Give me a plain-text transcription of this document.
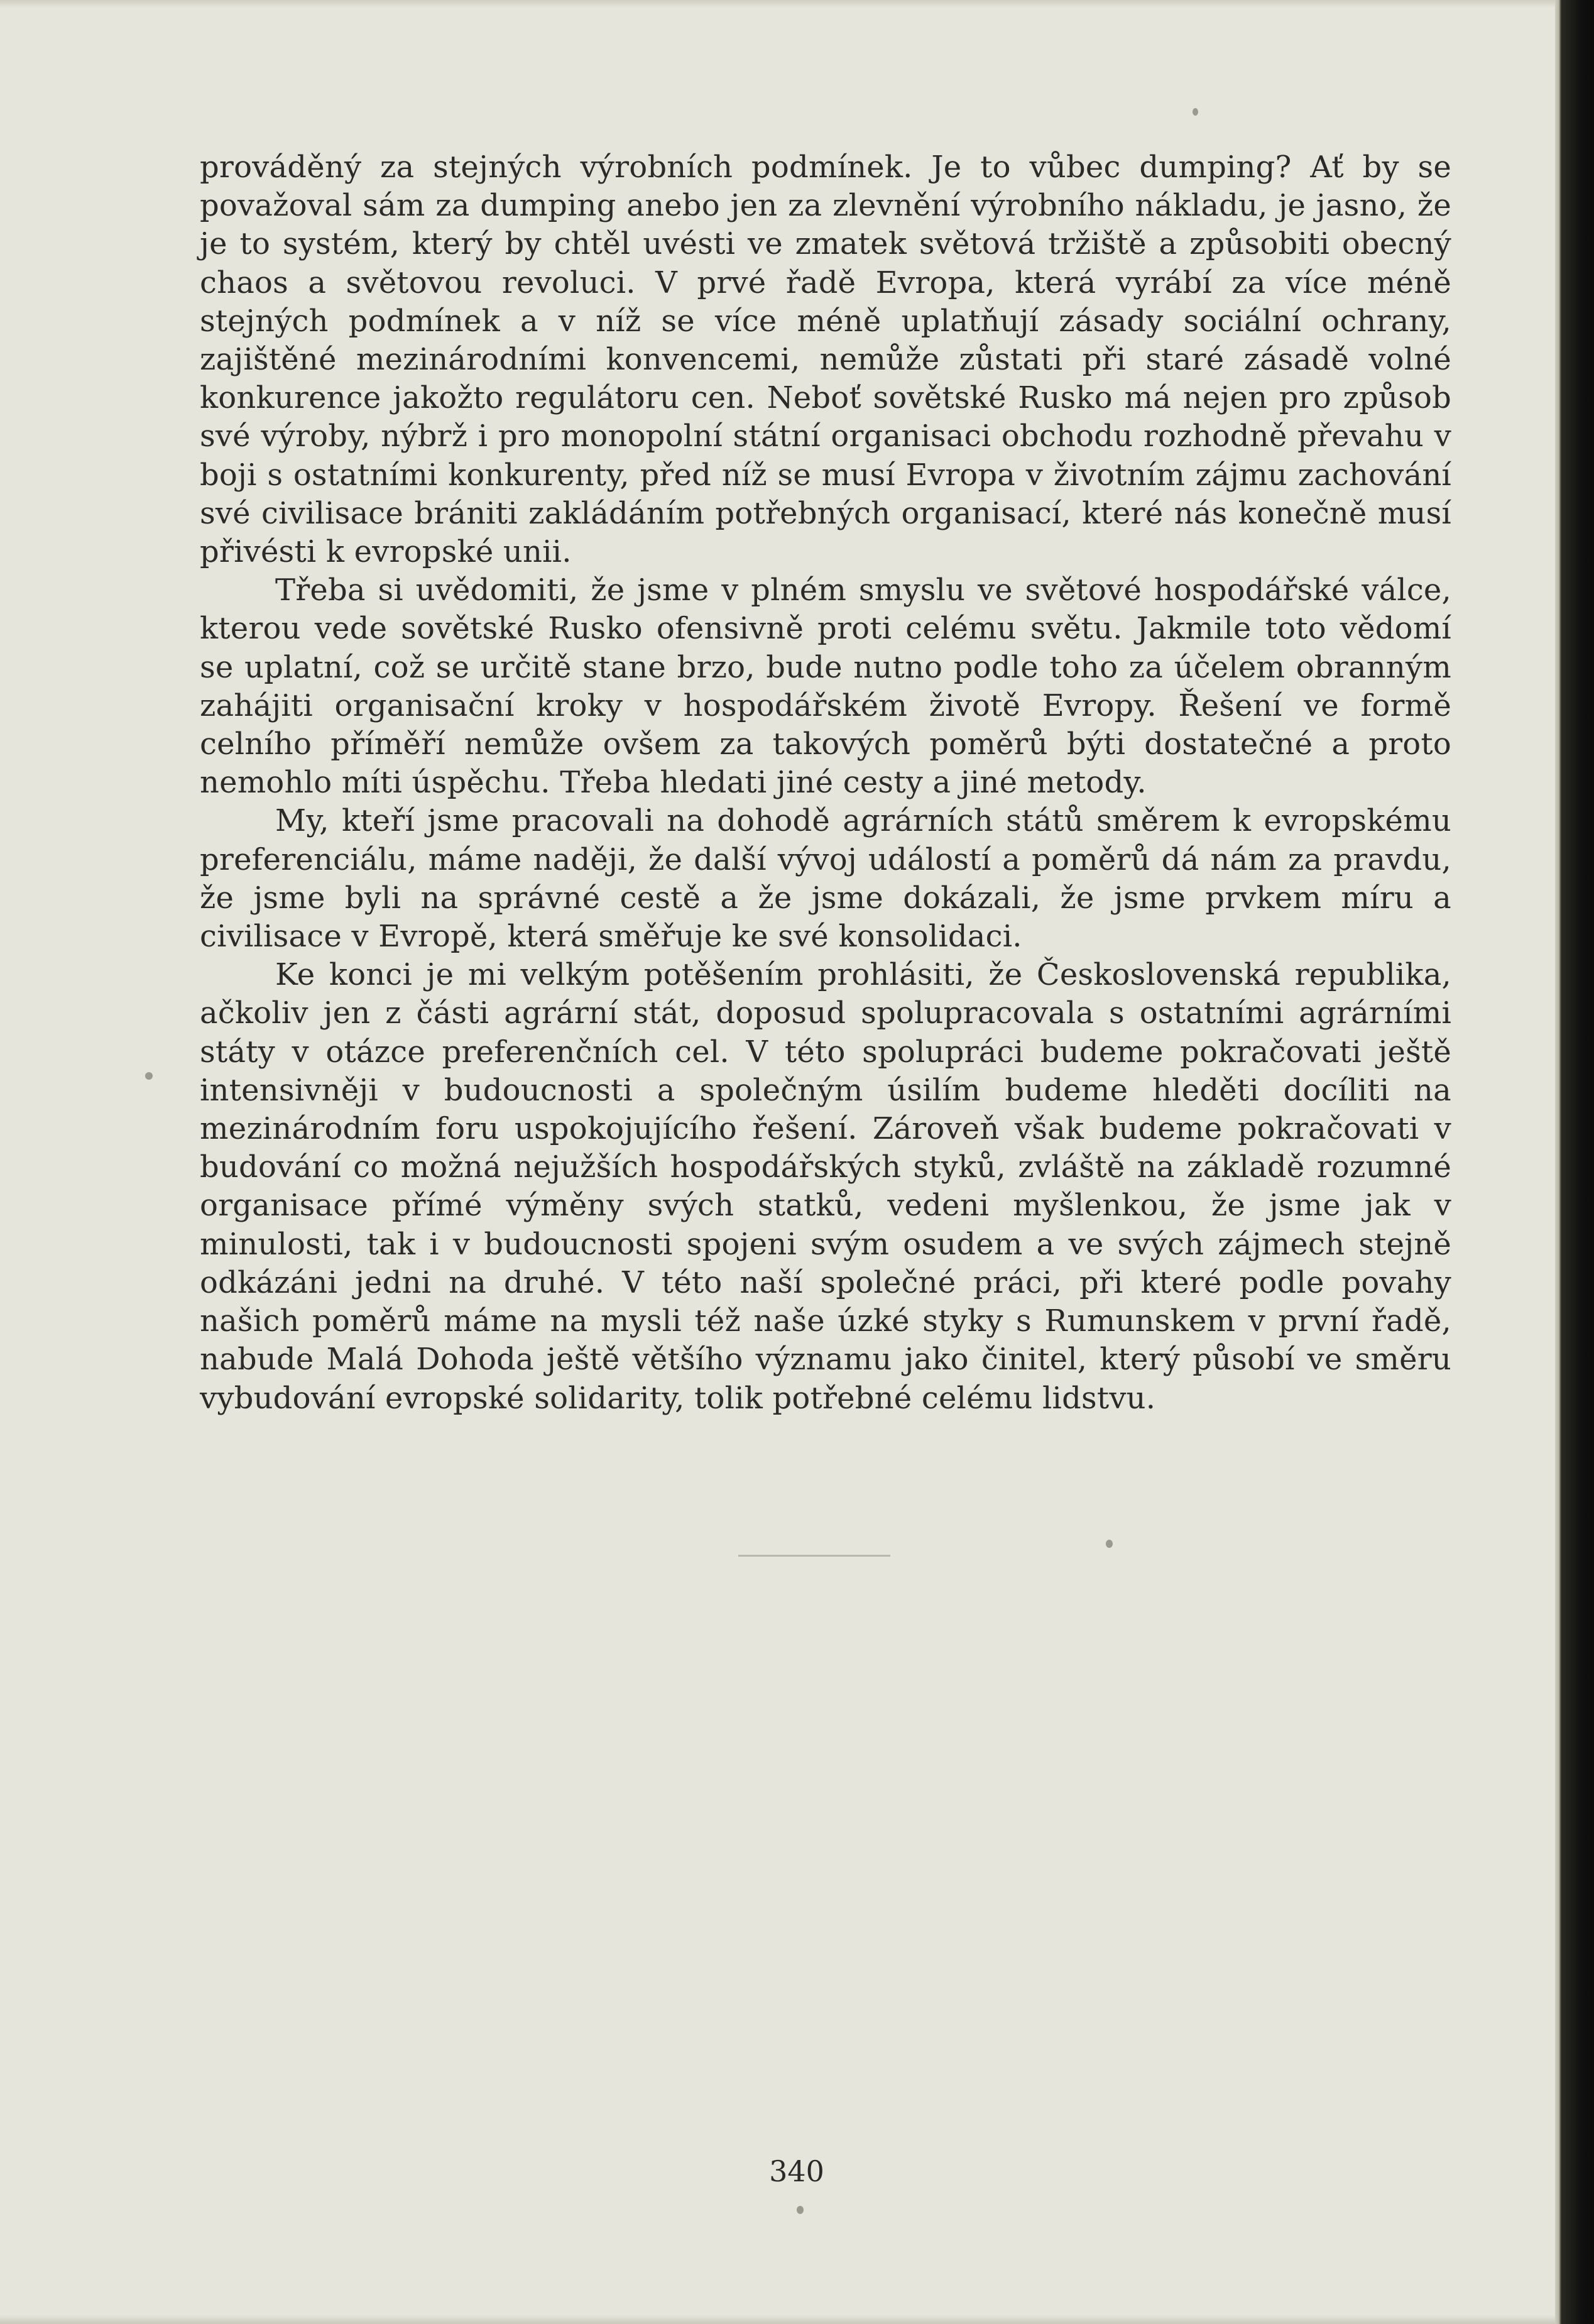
prováděný za stejných výrobních podmínek. Je to vůbec dumping? Ať by se považoval sám za dumping anebo jen za zlevnění výrobního nákladu, je jasno, že je to systém, který by chtěl uvésti ve zmatek světová tržiště a způsobiti obecný chaos a světovou revoluci. V prvé řadě Evropa, která vyrábí za více méně stejných podmínek a v níž se více méně uplatňují zásady sociální ochrany, zajištěné mezinárodními konvencemi, nemůže zůstati při staré zásadě volné konkurence jakožto regulátoru cen. Neboť sovětské Rusko má nejen pro způsob své výroby, nýbrž i pro monopolní státní organisaci obchodu rozhodně převahu v boji s ostatními konkurenty, před níž se musí Evropa v životním zájmu zachování své civilisace brániti zakládáním potřebných organisací, které nás konečně musí přivésti k evropské unii.

Třeba si uvědomiti, že jsme v plném smyslu ve světové hospodářské válce, kterou vede sovětské Rusko ofensivně proti celému světu. Jakmile toto vědomí se uplatní, což se určitě stane brzo, bude nutno podle toho za účelem obranným zahájiti organisační kroky v hospodářském životě Evropy. Řešení ve formě celního příměří nemůže ovšem za takových poměrů býti dostatečné a proto nemohlo míti úspěchu. Třeba hledati jiné cesty a jiné metody.

My, kteří jsme pracovali na dohodě agrárních států směrem k evropskému preferenciálu, máme naději, že další vývoj událostí a poměrů dá nám za pravdu, že jsme byli na správné cestě a že jsme dokázali, že jsme prvkem míru a civilisace v Evropě, která směřuje ke své konsolidaci.

Ke konci je mi velkým potěšením prohlásiti, že Československá republika, ačkoliv jen z části agrární stát, doposud spolupracovala s ostatními agrárními státy v otázce preferenčních cel. V této spolupráci budeme pokračovati ještě intensivněji v budoucnosti a společným úsilím budeme hleděti docíliti na mezinárodním foru uspokojujícího řešení. Zároveň však budeme pokračovati v budování co možná nejužších hospodářských styků, zvláště na základě rozumné organisace přímé výměny svých statků, vedeni myšlenkou, že jsme jak v minulosti, tak i v budoucnosti spojeni svým osudem a ve svých zájmech stejně odkázáni jedni na druhé. V této naší společné práci, při které podle povahy našich poměrů máme na mysli též naše úzké styky s Rumunskem v první řadě, nabude Malá Dohoda ještě většího významu jako činitel, který působí ve směru vybudování evropské solidarity, tolik potřebné celému lidstvu.

340
